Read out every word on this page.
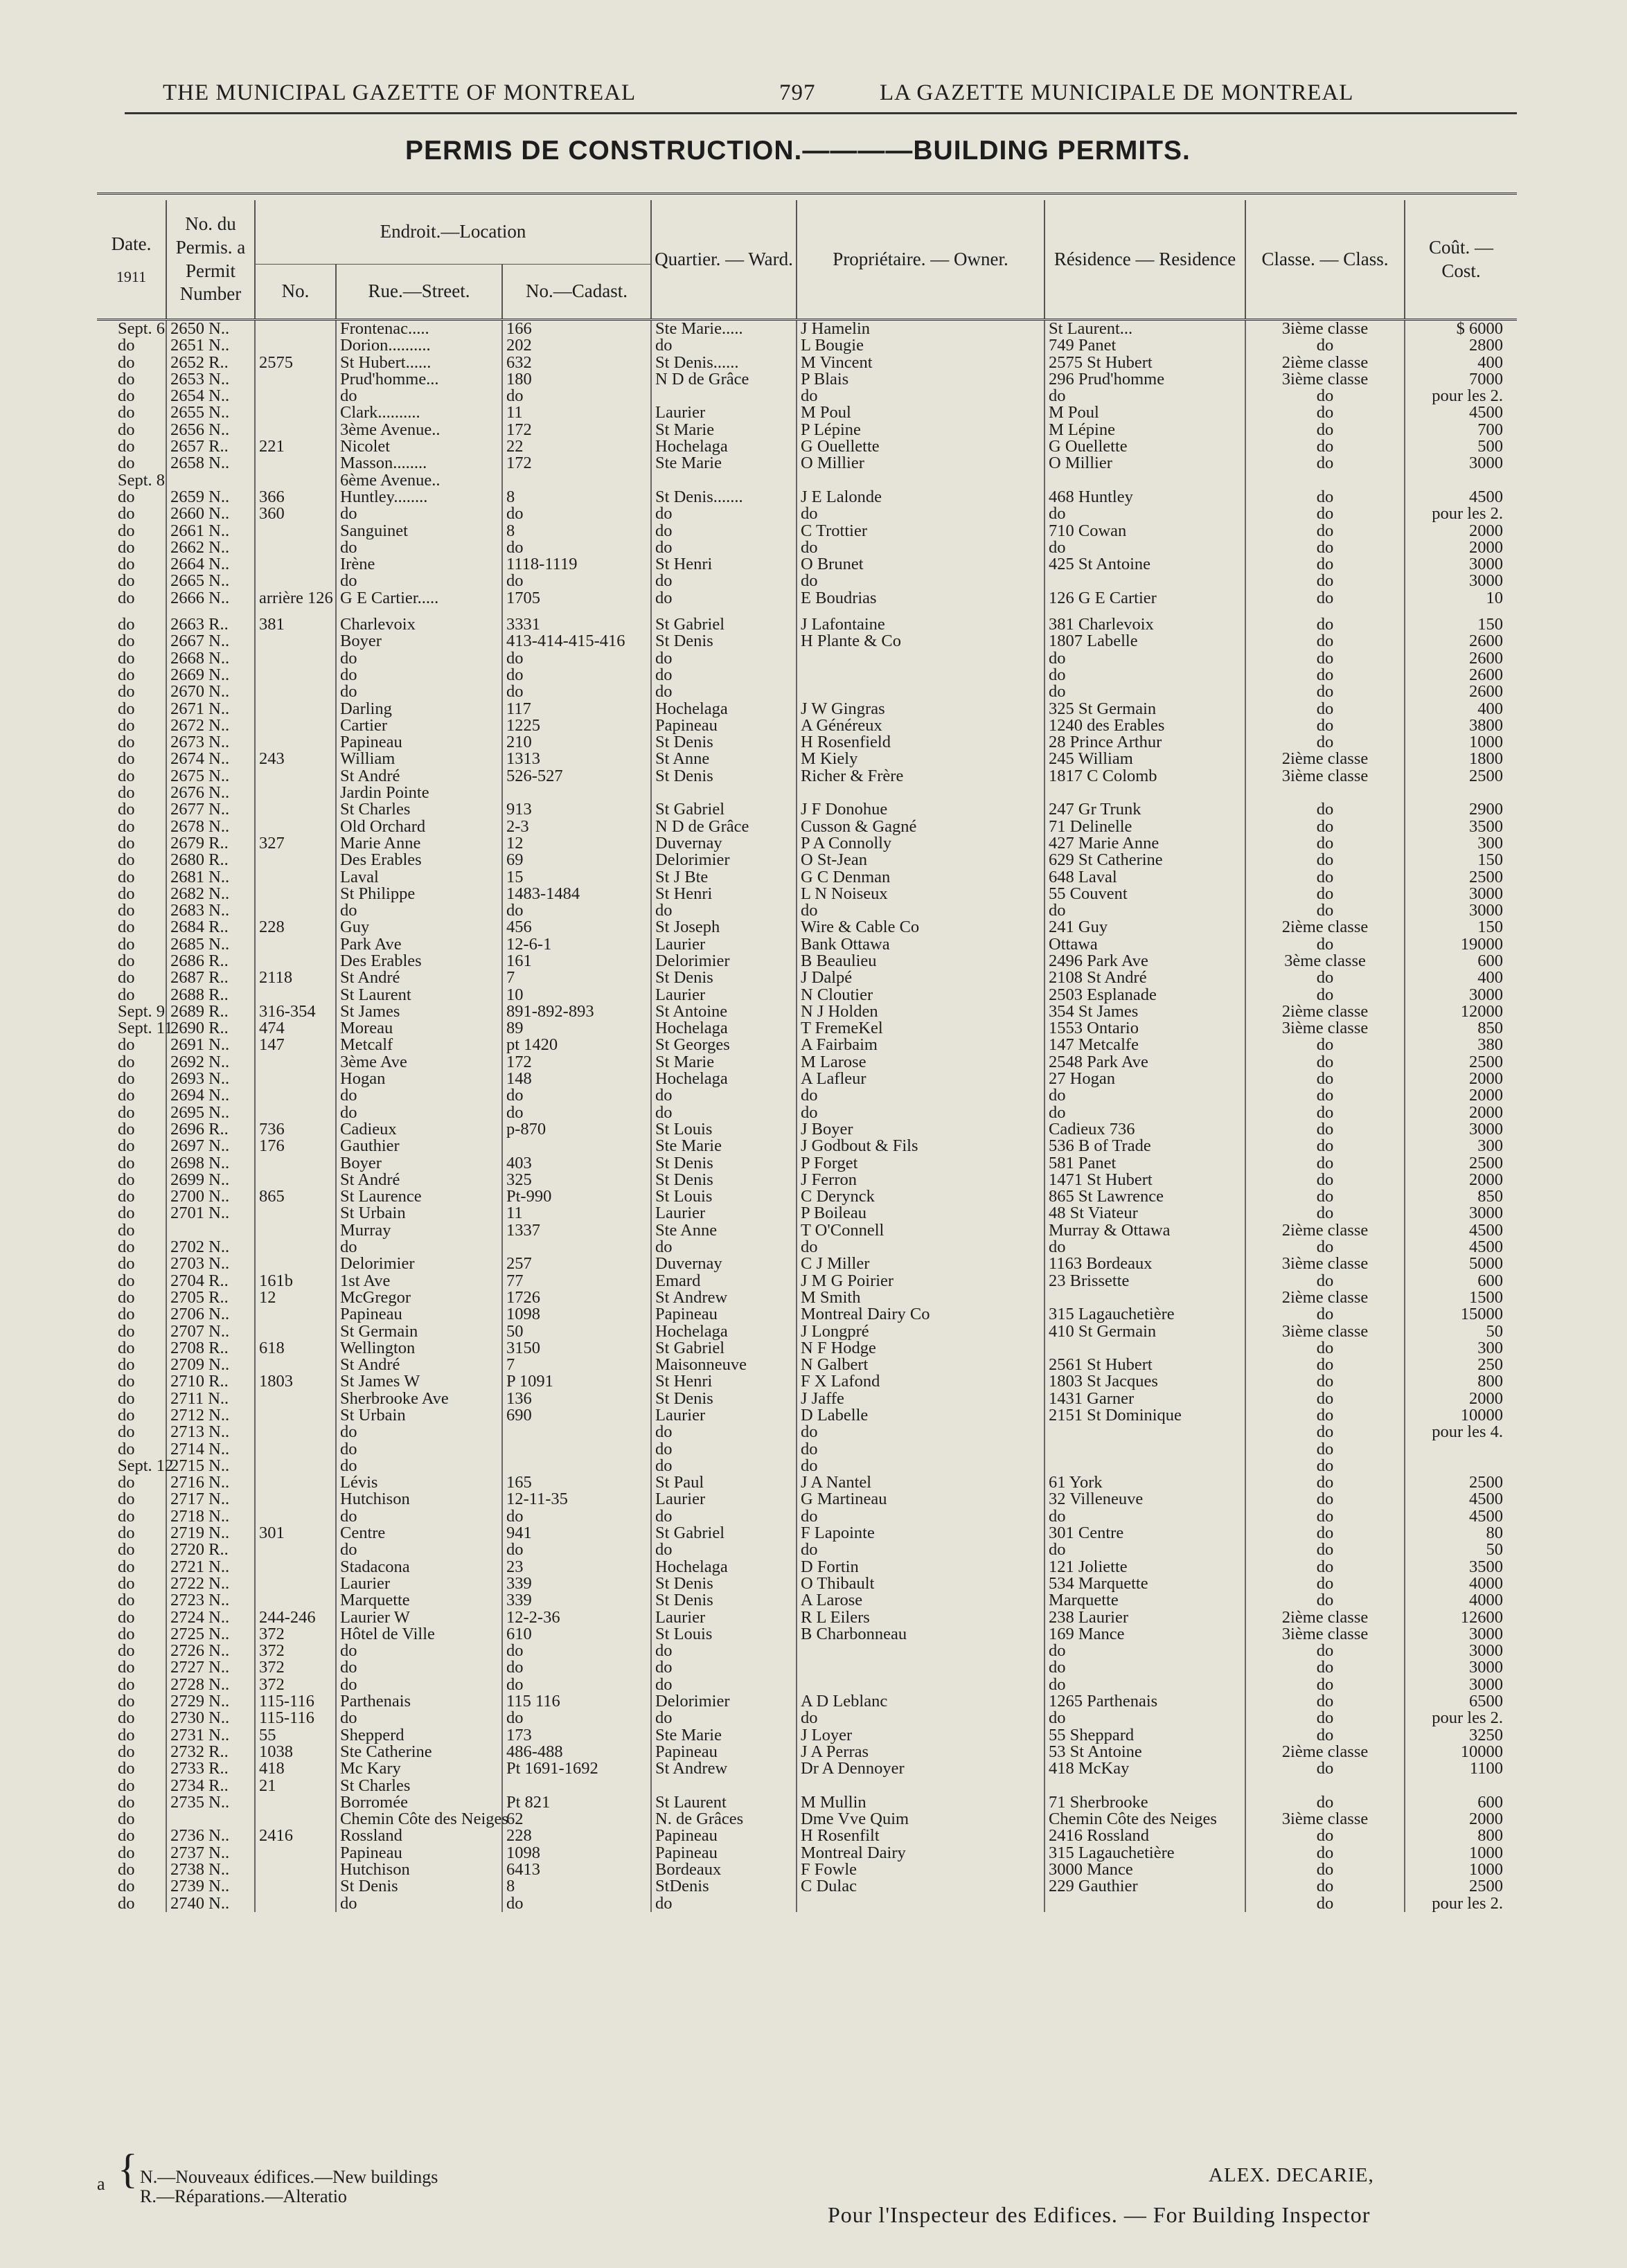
THE MUNICIPAL GAZETTE OF MONTREAL	797	LA GAZETTE MUNICIPALE DE MONTREAL
PERMIS DE CONSTRUCTION.————BUILDING PERMITS.
Date.
1911	No. du Permis. a Permit Number	Endroit.—Location			Quartier. — Ward.	Propriétaire. — Owner.	Résidence — Residence	Classe. — Class.	Coût. — Cost.
		No.	Rue.—Street.	No.—Cadast.					
Sept. 6	2650 N..		Frontenac.....	166	Ste Marie.....	J Hamelin	St Laurent...	3ième classe	$ 6000
do	2651 N..		Dorion..........	202	do	L Bougie	749 Panet	do	2800
do	2652 R..	2575	St Hubert......	632	St Denis......	M Vincent	2575 St Hubert	2ième classe	400
do	2653 N..		Prud'homme...	180	N D de Grâce	P Blais	296 Prud'homme	3ième classe	7000
do	2654 N..		do	do		do	do	do	pour les 2.
do	2655 N..		Clark..........	11	Laurier	M Poul	M Poul	do	4500
do	2656 N..		3ème Avenue..	172	St Marie	P Lépine	M Lépine	do	700
do	2657 R..	221	Nicolet	22	Hochelaga	G Ouellette	G Ouellette	do	500
do	2658 N..		Masson........	172	Ste Marie	O Millier	O Millier	do	3000
Sept. 8			6ème Avenue..						
do	2659 N..	366	Huntley........	8	St Denis.......	J E Lalonde	468 Huntley	do	4500
do	2660 N..	360	do	do	do	do	do	do	pour les 2.
do	2661 N..		Sanguinet	8	do	C Trottier	710 Cowan	do	2000
do	2662 N..		do	do	do	do	do	do	2000
do	2664 N..		Irène	1118-1119	St Henri	O Brunet	425 St Antoine	do	3000
do	2665 N..		do	do	do	do		do	3000
do	2666 N..	arrière 126	G E Cartier.....	1705	do	E Boudrias	126 G E Cartier	do	10

do	2663 R..	381	Charlevoix	3331	St Gabriel	J Lafontaine	381 Charlevoix	do	150
do	2667 N..		Boyer	413-414-415-416	St Denis	H Plante & Co	1807 Labelle	do	2600
do	2668 N..		do	do	do		do	do	2600
do	2669 N..		do	do	do		do	do	2600
do	2670 N..		do	do	do		do	do	2600
do	2671 N..		Darling	117	Hochelaga	J W Gingras	325 St Germain	do	400
do	2672 N..		Cartier	1225	Papineau	A Généreux	1240 des Erables	do	3800
do	2673 N..		Papineau	210	St Denis	H Rosenfield	28 Prince Arthur	do	1000
do	2674 N..	243	William	1313	St Anne	M Kiely	245 William	2ième classe	1800
do	2675 N..		St André	526-527	St Denis	Richer & Frère	1817 C Colomb	3ième classe	2500
do	2676 N..		Jardin Pointe						
do	2677 N..		St Charles	913	St Gabriel	J F Donohue	247 Gr Trunk	do	2900
do	2678 N..		Old Orchard	2-3	N D de Grâce	Cusson & Gagné	71 Delinelle	do	3500
do	2679 R..	327	Marie Anne	12	Duvernay	P A Connolly	427 Marie Anne	do	300
do	2680 R..		Des Erables	69	Delorimier	O St-Jean	629 St Catherine	do	150
do	2681 N..		Laval	15	St J Bte	G C Denman	648 Laval	do	2500
do	2682 N..		St Philippe	1483-1484	St Henri	L N Noiseux	55 Couvent	do	3000
do	2683 N..		do	do	do	do	do	do	3000
do	2684 R..	228	Guy	456	St Joseph	Wire & Cable Co	241 Guy	2ième classe	150
do	2685 N..		Park Ave	12-6-1	Laurier	Bank Ottawa	Ottawa	do	19000
do	2686 R..		Des Erables	161	Delorimier	B Beaulieu	2496 Park Ave	3ème classe	600
do	2687 R..	2118	St André	7	St Denis	J Dalpé	2108 St André	do	400
do	2688 R..		St Laurent	10	Laurier	N Cloutier	2503 Esplanade	do	3000
Sept. 9	2689 R..	316-354	St James	891-892-893	St Antoine	N J Holden	354 St James	2ième classe	12000
Sept. 11	2690 R..	474	Moreau	89	Hochelaga	T FremeKel	1553 Ontario	3ième classe	850
do	2691 N..	147	Metcalf	pt 1420	St Georges	A Fairbaim	147 Metcalfe	do	380
do	2692 N..		3ème Ave	172	St Marie	M Larose	2548 Park Ave	do	2500
do	2693 N..		Hogan	148	Hochelaga	A Lafleur	27 Hogan	do	2000
do	2694 N..		do	do	do	do	do	do	2000
do	2695 N..		do	do	do	do	do	do	2000
do	2696 R..	736	Cadieux	p-870	St Louis	J Boyer	Cadieux 736	do	3000
do	2697 N..	176	Gauthier		Ste Marie	J Godbout & Fils	536 B of Trade	do	300
do	2698 N..		Boyer	403	St Denis	P Forget	581 Panet	do	2500
do	2699 N..		St André	325	St Denis	J Ferron	1471 St Hubert	do	2000
do	2700 N..	865	St Laurence	Pt-990	St Louis	C Derynck	865 St Lawrence	do	850
do	2701 N..		St Urbain	11	Laurier	P Boileau	48 St Viateur	do	3000
do			Murray	1337	Ste Anne	T O'Connell	Murray & Ottawa	2ième classe	4500
do	2702 N..		do		do	do	do	do	4500
do	2703 N..		Delorimier	257	Duvernay	C J Miller	1163 Bordeaux	3ième classe	5000
do	2704 R..	161b	1st Ave	77	Emard	J M G Poirier	23 Brissette	do	600
do	2705 R..	12	McGregor	1726	St Andrew	M Smith		2ième classe	1500
do	2706 N..		Papineau	1098	Papineau	Montreal Dairy Co	315 Lagauchetière	do	15000
do	2707 N..		St Germain	50	Hochelaga	J Longpré	410 St Germain	3ième classe	50
do	2708 R..	618	Wellington	3150	St Gabriel	N F Hodge		do	300
do	2709 N..		St André	7	Maisonneuve	N Galbert	2561 St Hubert	do	250
do	2710 R..	1803	St James W	P 1091	St Henri	F X Lafond	1803 St Jacques	do	800
do	2711 N..		Sherbrooke Ave	136	St Denis	J Jaffe	1431 Garner	do	2000
do	2712 N..		St Urbain	690	Laurier	D Labelle	2151 St Dominique	do	10000
do	2713 N..		do		do	do		do	pour les 4.
do	2714 N..		do		do	do		do	
Sept. 12	2715 N..		do		do	do		do	
do	2716 N..		Lévis	165	St Paul	J A Nantel	61 York	do	2500
do	2717 N..		Hutchison	12-11-35	Laurier	G Martineau	32 Villeneuve	do	4500
do	2718 N..		do	do	do	do	do	do	4500
do	2719 N..	301	Centre	941	St Gabriel	F Lapointe	301 Centre	do	80
do	2720 R..		do	do	do	do	do	do	50
do	2721 N..		Stadacona	23	Hochelaga	D Fortin	121 Joliette	do	3500
do	2722 N..		Laurier	339	St Denis	O Thibault	534 Marquette	do	4000
do	2723 N..		Marquette	339	St Denis	A Larose	Marquette	do	4000
do	2724 N..	244-246	Laurier W	12-2-36	Laurier	R L Eilers	238 Laurier	2ième classe	12600
do	2725 N..	372	Hôtel de Ville	610	St Louis	B Charbonneau	169 Mance	3ième classe	3000
do	2726 N..	372	do	do	do		do	do	3000
do	2727 N..	372	do	do	do		do	do	3000
do	2728 N..	372	do	do	do		do	do	3000
do	2729 N..	115-116	Parthenais	115 116	Delorimier	A D Leblanc	1265 Parthenais	do	6500
do	2730 N..	115-116	do	do	do	do	do	do	pour les 2.
do	2731 N..	55	Shepperd	173	Ste Marie	J Loyer	55 Sheppard	do	3250
do	2732 R..	1038	Ste Catherine	486-488	Papineau	J A Perras	53 St Antoine	2ième classe	10000
do	2733 R..	418	Mc Kary	Pt 1691-1692	St Andrew	Dr A Dennoyer	418 McKay	do	1100
do	2734 R..	21	St Charles						
do	2735 N..		Borromée	Pt 821	St Laurent	M Mullin	71 Sherbrooke	do	600
do			Chemin Côte des Neiges	62	N. de Grâces	Dme Vve Quim	Chemin Côte des Neiges	3ième classe	2000
do	2736 N..	2416	Rossland	228	Papineau	H Rosenfilt	2416 Rossland	do	800
do	2737 N..		Papineau	1098	Papineau	Montreal Dairy	315 Lagauchetière	do	1000
do	2738 N..		Hutchison	6413	Bordeaux	F Fowle	3000 Mance	do	1000
do	2739 N..		St Denis	8	StDenis	C Dulac	229 Gauthier	do	2500
do	2740 N..		do	do	do			do	pour les 2.
a { N.—Nouveaux édifices.—New buildings
R.—Réparations.—Alteratio
ALEX. DECARIE,
Pour l'Inspecteur des Edifices. — For Building Inspector
